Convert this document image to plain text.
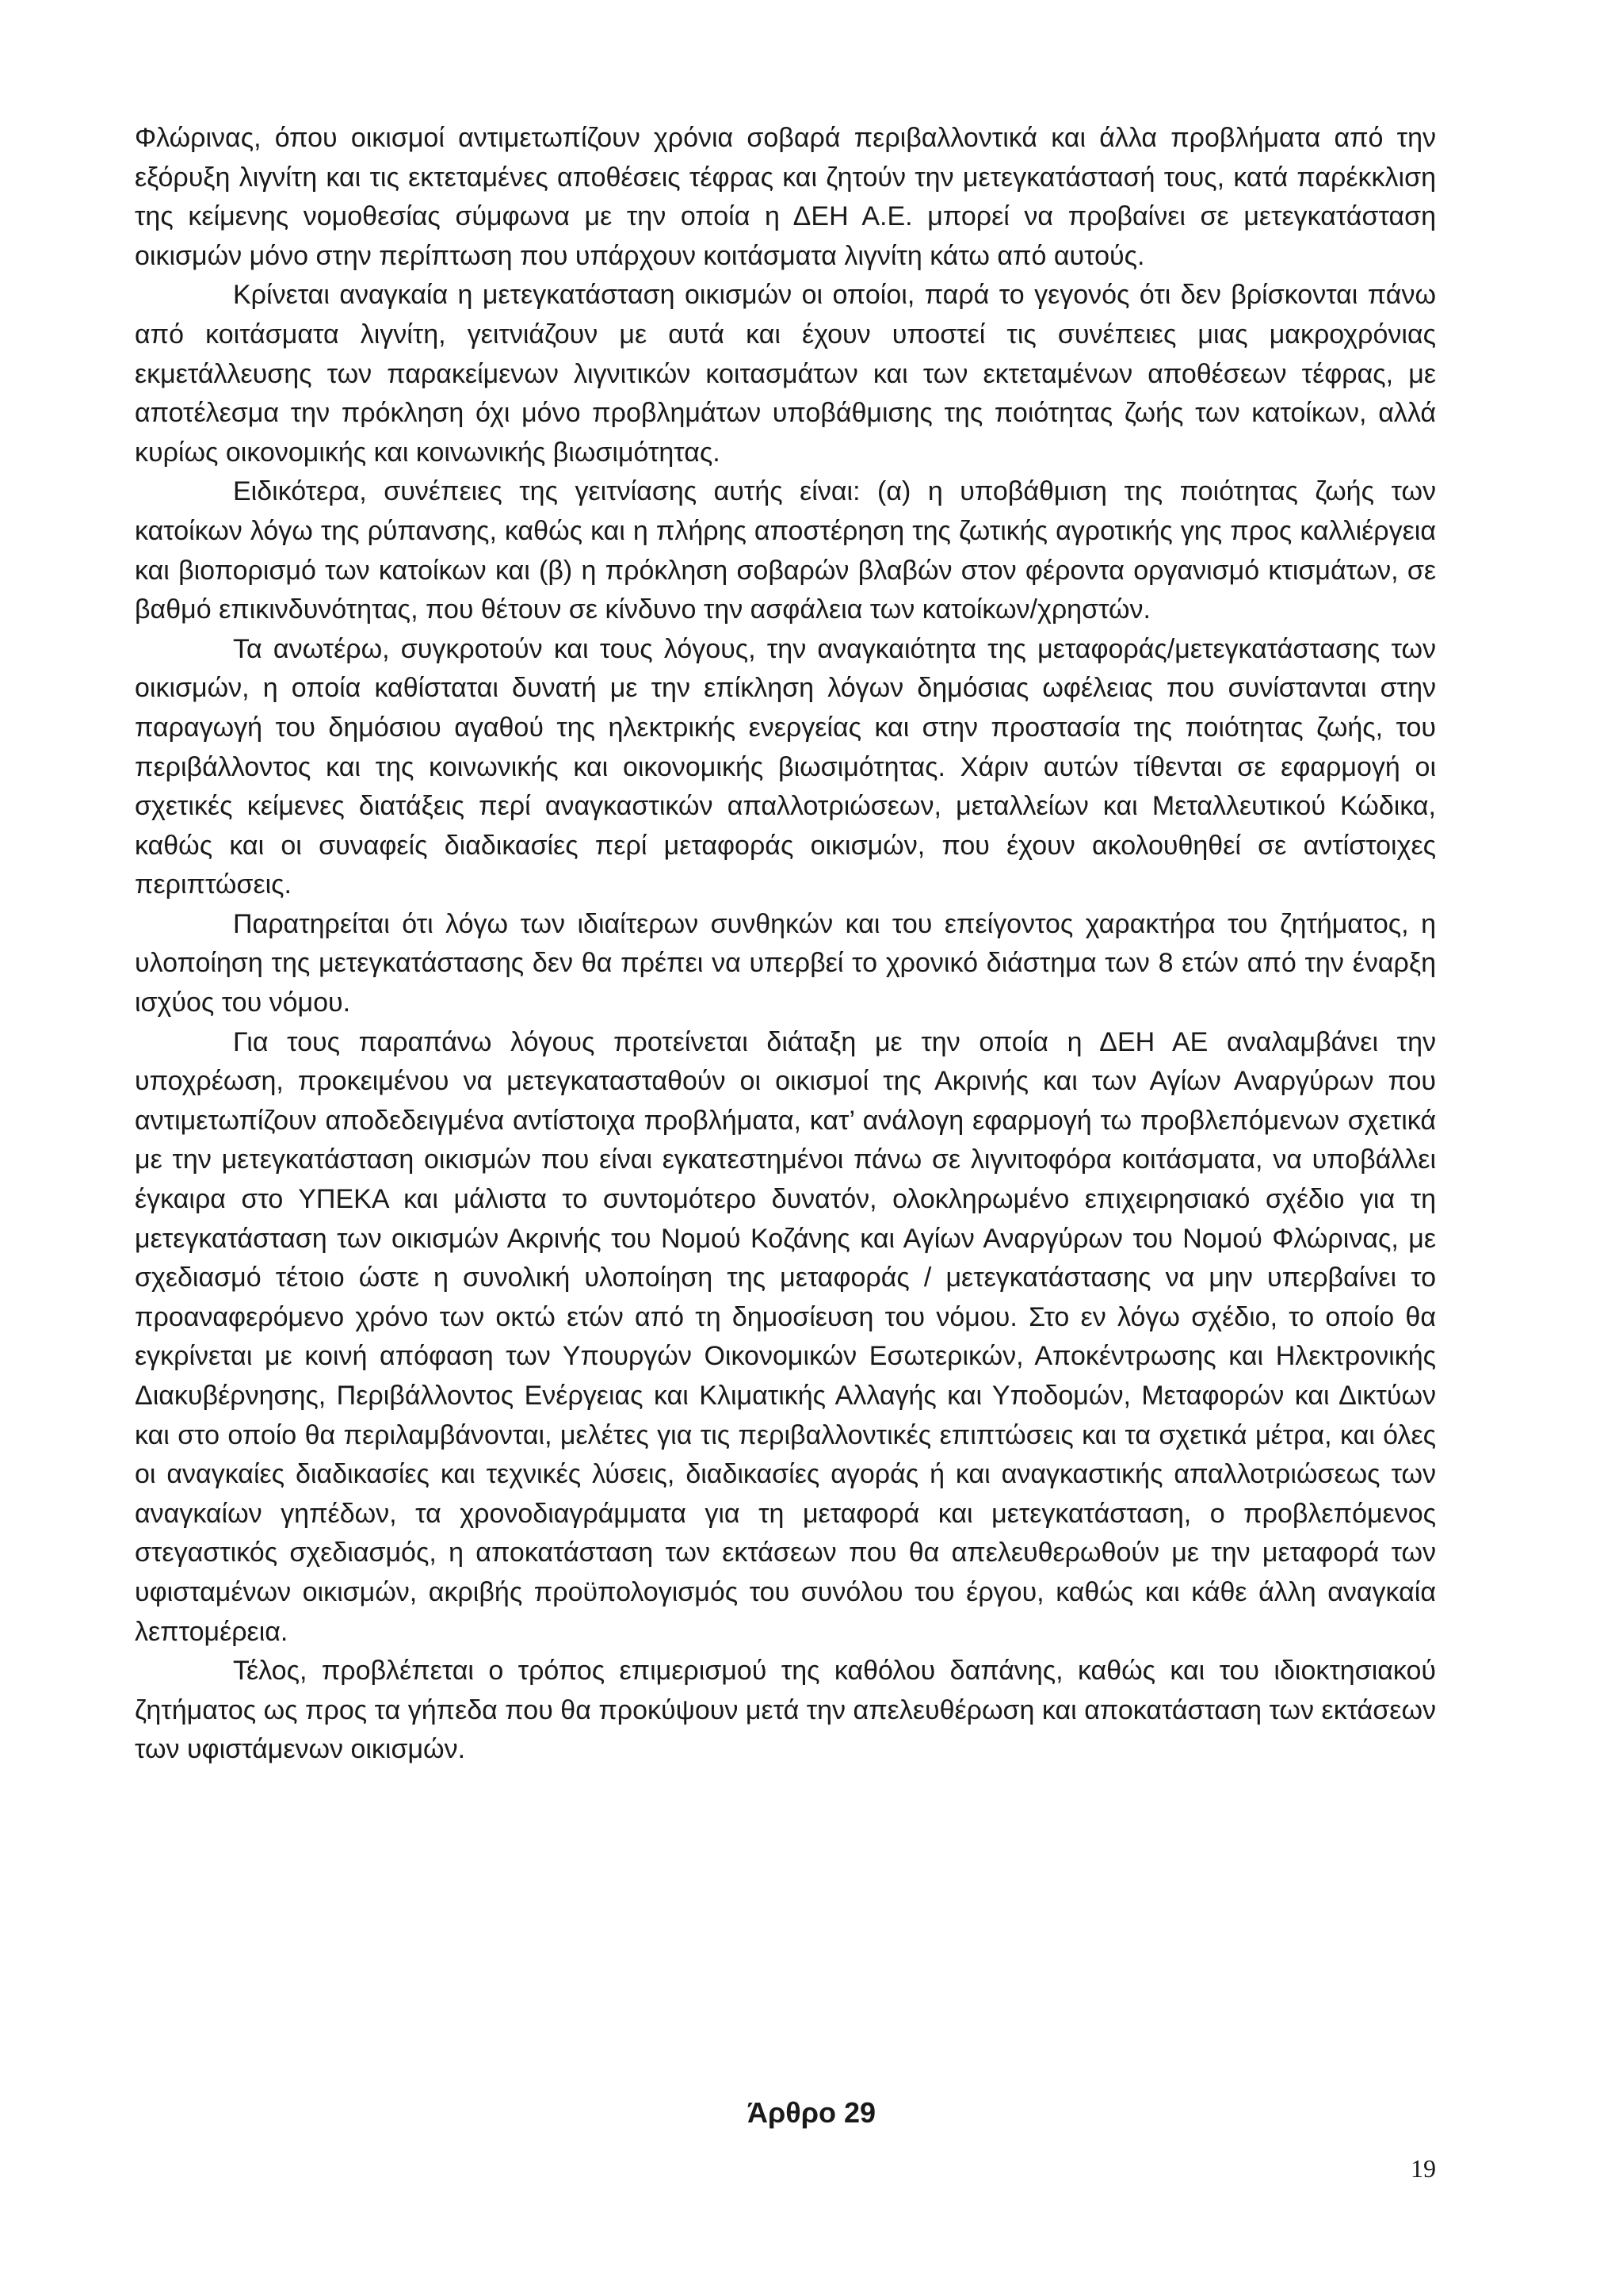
Φλώρινας, όπου οικισμοί αντιμετωπίζουν χρόνια σοβαρά περιβαλλοντικά και άλλα προβλήματα από την εξόρυξη λιγνίτη και τις εκτεταμένες αποθέσεις τέφρας και ζητούν την μετεγκατάστασή τους, κατά παρέκκλιση της κείμενης νομοθεσίας σύμφωνα με την οποία η ΔΕΗ Α.Ε. μπορεί να προβαίνει σε μετεγκατάσταση οικισμών μόνο στην περίπτωση που υπάρχουν κοιτάσματα λιγνίτη κάτω από αυτούς.

Κρίνεται αναγκαία η μετεγκατάσταση οικισμών οι οποίοι, παρά το γεγονός ότι δεν βρίσκονται πάνω από κοιτάσματα λιγνίτη, γειτνιάζουν με αυτά και έχουν υποστεί τις συνέπειες μιας μακροχρόνιας εκμετάλλευσης των παρακείμενων λιγνιτικών κοιτασμάτων και των εκτεταμένων αποθέσεων τέφρας, με αποτέλεσμα την πρόκληση όχι μόνο προβλημάτων υποβάθμισης της ποιότητας ζωής των κατοίκων, αλλά κυρίως οικονομικής και κοινωνικής βιωσιμότητας.

Ειδικότερα, συνέπειες της γειτνίασης αυτής είναι: (α) η υποβάθμιση της ποιότητας ζωής των κατοίκων λόγω της ρύπανσης, καθώς και η πλήρης αποστέρηση της ζωτικής αγροτικής γης προς καλλιέργεια και βιοπορισμό των κατοίκων και (β) η πρόκληση σοβαρών βλαβών στον φέροντα οργανισμό κτισμάτων, σε βαθμό επικινδυνότητας, που θέτουν σε κίνδυνο την ασφάλεια των κατοίκων/χρηστών.

Τα ανωτέρω, συγκροτούν και τους λόγους, την αναγκαιότητα της μεταφοράς/μετεγκατάστασης των οικισμών, η οποία καθίσταται δυνατή με την επίκληση λόγων δημόσιας ωφέλειας που συνίστανται στην παραγωγή του δημόσιου αγαθού της ηλεκτρικής ενεργείας και στην προστασία της ποιότητας ζωής, του περιβάλλοντος και της κοινωνικής και οικονομικής βιωσιμότητας. Χάριν αυτών τίθενται σε εφαρμογή οι σχετικές κείμενες διατάξεις περί αναγκαστικών απαλλοτριώσεων, μεταλλείων και Μεταλλευτικού Κώδικα, καθώς και οι συναφείς διαδικασίες περί μεταφοράς οικισμών, που έχουν ακολουθηθεί σε αντίστοιχες περιπτώσεις.

Παρατηρείται ότι λόγω των ιδιαίτερων συνθηκών και του επείγοντος χαρακτήρα του ζητήματος, η υλοποίηση της μετεγκατάστασης δεν θα πρέπει να υπερβεί το χρονικό διάστημα των 8 ετών από την έναρξη ισχύος του νόμου.

Για τους παραπάνω λόγους προτείνεται διάταξη με την οποία η ΔΕΗ ΑΕ αναλαμβάνει την υποχρέωση, προκειμένου να μετεγκατασταθούν οι οικισμοί της Ακρινής και των Αγίων Αναργύρων που αντιμετωπίζουν αποδεδειγμένα αντίστοιχα προβλήματα, κατ’ ανάλογη εφαρμογή τω προβλεπόμενων σχετικά με την μετεγκατάσταση οικισμών που είναι εγκατεστημένοι πάνω σε λιγνιτοφόρα κοιτάσματα, να υποβάλλει έγκαιρα στο ΥΠΕΚΑ και μάλιστα το συντομότερο δυνατόν, ολοκληρωμένο επιχειρησιακό σχέδιο για τη μετεγκατάσταση των οικισμών Ακρινής του Νομού Κοζάνης και Αγίων Αναργύρων του Νομού Φλώρινας, με σχεδιασμό τέτοιο ώστε η συνολική υλοποίηση της μεταφοράς / μετεγκατάστασης να μην υπερβαίνει το προαναφερόμενο χρόνο των οκτώ ετών από τη δημοσίευση του νόμου. Στο εν λόγω σχέδιο, το οποίο θα εγκρίνεται με κοινή απόφαση των Υπουργών Οικονομικών Εσωτερικών, Αποκέντρωσης και Ηλεκτρονικής Διακυβέρνησης, Περιβάλλοντος Ενέργειας και Κλιματικής Αλλαγής και Υποδομών, Μεταφορών και Δικτύων και στο οποίο θα περιλαμβάνονται, μελέτες για τις περιβαλλοντικές επιπτώσεις και τα σχετικά μέτρα, και όλες οι αναγκαίες διαδικασίες και τεχνικές λύσεις, διαδικασίες αγοράς ή και αναγκαστικής απαλλοτριώσεως των αναγκαίων γηπέδων, τα χρονοδιαγράμματα για τη μεταφορά και μετεγκατάσταση, ο προβλεπόμενος στεγαστικός σχεδιασμός, η αποκατάσταση των εκτάσεων που θα απελευθερωθούν με την μεταφορά των υφισταμένων οικισμών, ακριβής προϋπολογισμός του συνόλου του έργου, καθώς και κάθε άλλη αναγκαία λεπτομέρεια.

Τέλος, προβλέπεται ο τρόπος επιμερισμού της καθόλου δαπάνης, καθώς και του ιδιοκτησιακού ζητήματος ως προς τα γήπεδα που θα προκύψουν μετά την απελευθέρωση και αποκατάσταση των εκτάσεων των υφιστάμενων οικισμών.

Άρθρο 29
19
